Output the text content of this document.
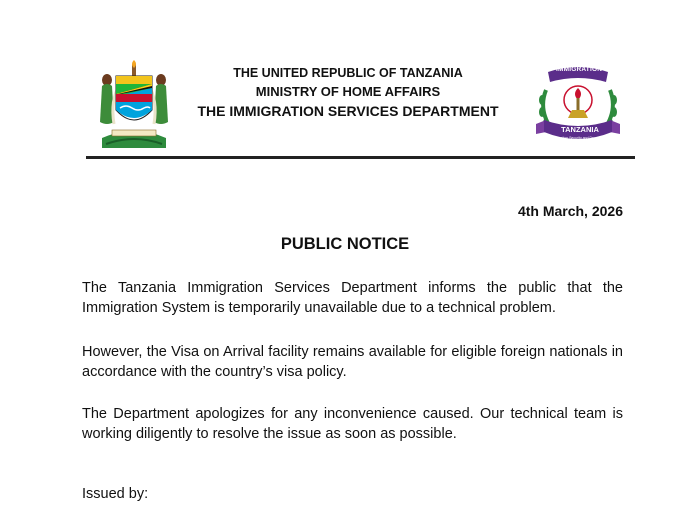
THE UNITED REPUBLIC OF TANZANIA
MINISTRY OF HOME AFFAIRS
THE IMMIGRATION SERVICES DEPARTMENT
IMMIGRATION
TANZANIA
Immigration Security and Development
4th March, 2026
PUBLIC NOTICE
The Tanzania Immigration Services Department informs the public that the Immigration System is temporarily unavailable due to a technical problem.
However, the Visa on Arrival facility remains available for eligible foreign nationals in accordance with the country’s visa policy.
The Department apologizes for any inconvenience caused. Our technical team is working diligently to resolve the issue as soon as possible.
Issued by:
